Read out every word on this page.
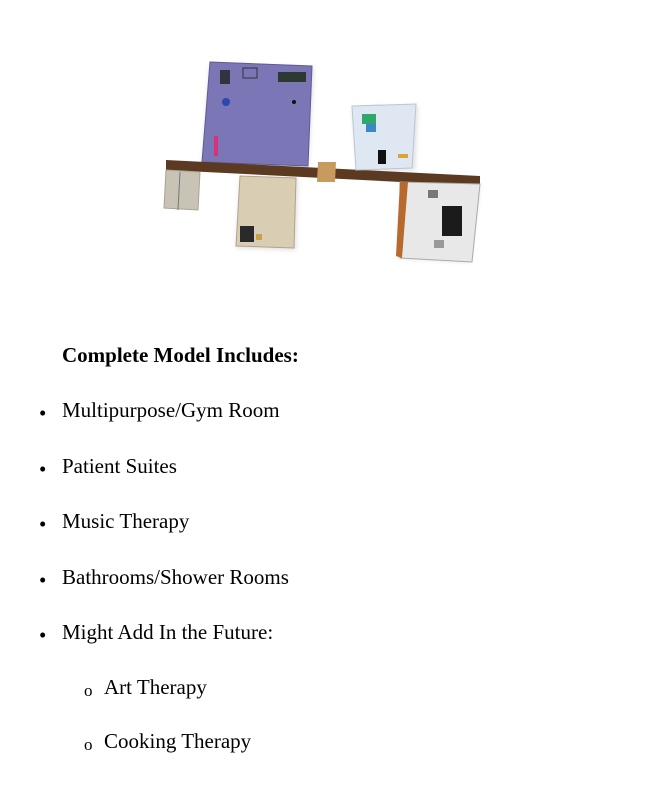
Complete Model Includes:
• Multipurpose/Gym Room
• Patient Suites
• Music Therapy
• Bathrooms/Shower Rooms
• Might Add In the Future:
o Art Therapy
o Cooking Therapy
